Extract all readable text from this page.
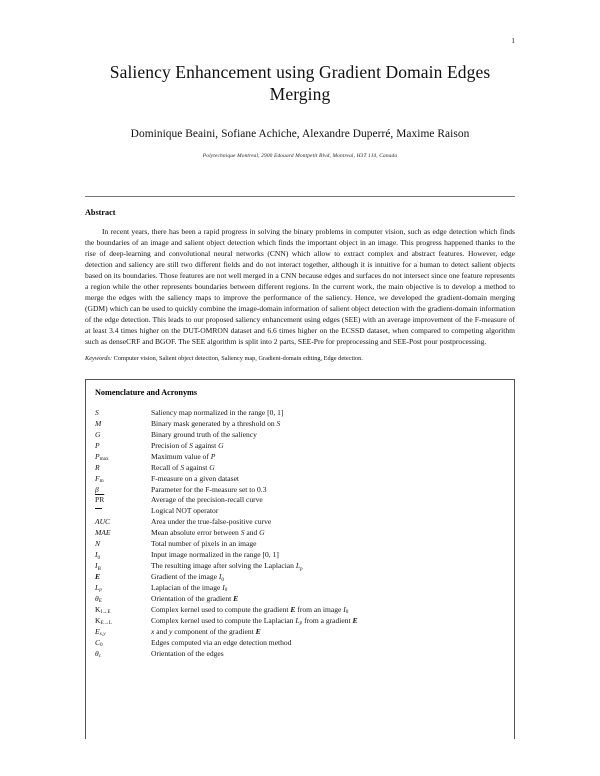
1
Saliency Enhancement using Gradient Domain Edges Merging
Dominique Beaini, Sofiane Achiche, Alexandre Duperré, Maxime Raison
Polytechnique Montreal, 2900 Edouard Montpetit Blvd, Montreal, H3T 1J4, Canada
Abstract

In recent years, there has been a rapid progress in solving the binary problems in computer vision, such as edge detection which finds the boundaries of an image and salient object detection which finds the important object in an image. This progress happened thanks to the rise of deep-learning and convolutional neural networks (CNN) which allow to extract complex and abstract features. However, edge detection and saliency are still two different fields and do not interact together, although it is intuitive for a human to detect salient objects based on its boundaries. Those features are not well merged in a CNN because edges and surfaces do not intersect since one feature represents a region while the other represents boundaries between different regions. In the current work, the main objective is to develop a method to merge the edges with the saliency maps to improve the performance of the saliency. Hence, we developed the gradient-domain merging (GDM) which can be used to quickly combine the image-domain information of salient object detection with the gradient-domain information of the edge detection. This leads to our proposed saliency enhancement using edges (SEE) with an average improvement of the F-measure of at least 3.4 times higher on the DUT-OMRON dataset and 6.6 times higher on the ECSSD dataset, when compared to competing algorithm such as denseCRF and BGOF. The SEE algorithm is split into 2 parts, SEE-Pre for preprocessing and SEE-Post pour postprocessing.

Keywords: Computer vision, Salient object detection, Saliency map, Gradient-domain editing, Edge detection.
Nomenclature and Acronyms
S	Saliency map normalized in the range [0, 1]
M	Binary mask generated by a threshold on S
G	Binary ground truth of the saliency
P	Precision of S against G
$P_{max}$	Maximum value of P
R	Recall of S against G
$F_m$	F-measure on a given dataset
β	Parameter for the F-measure set to 0.3
$\overline{PR}$	Average of the precision-recall curve
	Logical NOT operator
AUC	Area under the true-false-positive curve
MAE	Mean absolute error between S and G
N	Total number of pixels in an image
$I_0$	Input image normalized in the range [0, 1]
$I_B$	The resulting image after solving the Laplacian $L_p$
E	Gradient of the image $I_0$
$L_p$	Laplacian of the image $I_0$
$\theta_E$	Orientation of the gradient E
$K_{I\to E}$	Complex kernel used to compute the gradient E from an image $I_0$
$K_{E\to L}$	Complex kernel used to compute the Laplacian $L_p$ from a gradient E
$E_{x,y}$	x and y component of the gradient E
$C_0$	Edges computed via an edge detection method
$\theta_c$	Orientation of the edges
